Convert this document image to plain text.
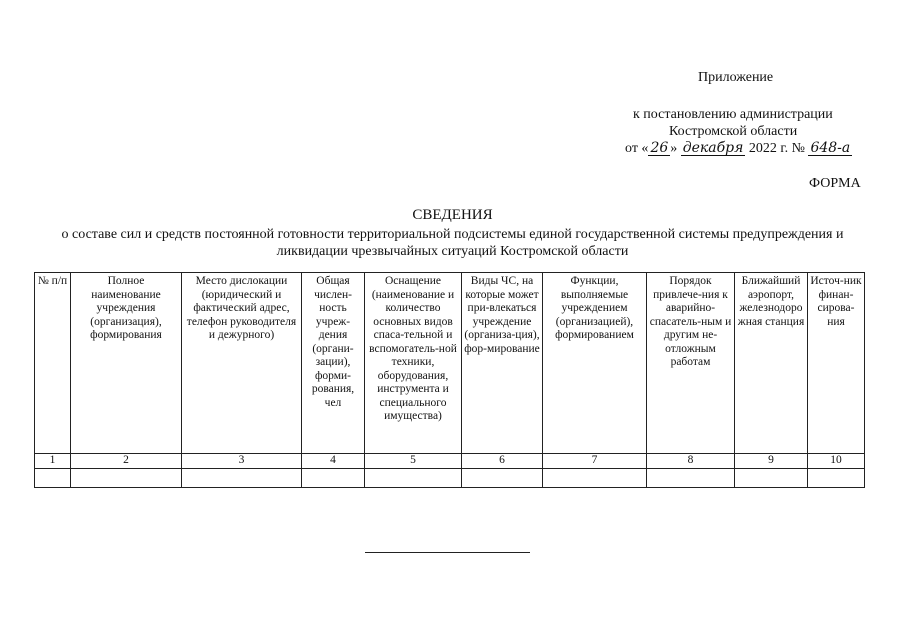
Приложение
к постановлению администрации
Костромской области
от « 26 » декабря 2022 г. № 648-а
ФОРМА
СВЕДЕНИЯ
о составе сил и средств постоянной готовности территориальной подсистемы единой государственной системы предупреждения и ликвидации чрезвычайных ситуаций Костромской области
№ п/п	Полное наименование учреждения (организация), формирования	Место дислокации (юридический и фактический адрес, телефон руководителя и дежурного)	Общая числен-ность учреж-дения (органи-зации), форми-рования, чел	Оснащение (наименование и количество основных видов спаса-тельной и вспомогатель-ной техники, оборудования, инструмента и специального имущества)	Виды ЧС, на которые может при-влекаться учреждение (организа-ция), фор-мирование	Функции, выполняемые учреждением (организацией), формированием	Порядок привлече-ния к аварийно-спасатель-ным и другим не-отложным работам	Ближайший аэропорт, железнодоро жная станция	Источ-ник финан-сирова-ния
1	2	3	4	5	6	7	8	9	10
